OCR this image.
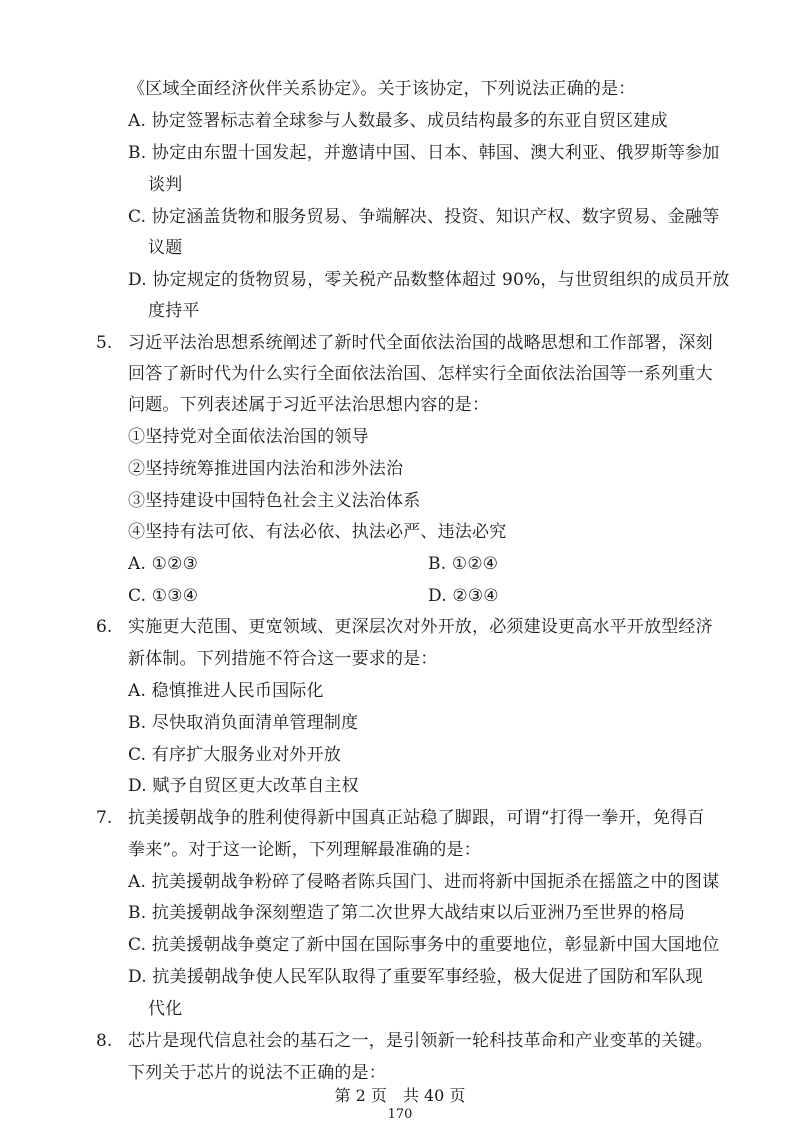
《区域全面经济伙伴关系协定》。关于该协定，下列说法正确的是：
A. 协定签署标志着全球参与人数最多、成员结构最多的东亚自贸区建成
B. 协定由东盟十国发起，并邀请中国、日本、韩国、澳大利亚、俄罗斯等参加
谈判
C. 协定涵盖货物和服务贸易、争端解决、投资、知识产权、数字贸易、金融等
议题
D. 协定规定的货物贸易，零关税产品数整体超过 90%，与世贸组织的成员开放
度持平
5. 习近平法治思想系统阐述了新时代全面依法治国的战略思想和工作部署，深刻
回答了新时代为什么实行全面依法治国、怎样实行全面依法治国等一系列重大
问题。下列表述属于习近平法治思想内容的是：
①坚持党对全面依法治国的领导
②坚持统筹推进国内法治和涉外法治
③坚持建设中国特色社会主义法治体系
④坚持有法可依、有法必依、执法必严、违法必究
A. ①②③	B. ①②④
C. ①③④	D. ②③④
6. 实施更大范围、更宽领域、更深层次对外开放，必须建设更高水平开放型经济
新体制。下列措施不符合这一要求的是：
A. 稳慎推进人民币国际化
B. 尽快取消负面清单管理制度
C. 有序扩大服务业对外开放
D. 赋予自贸区更大改革自主权
7. 抗美援朝战争的胜利使得新中国真正站稳了脚跟，可谓“打得一拳开，免得百
拳来”。对于这一论断，下列理解最准确的是：
A. 抗美援朝战争粉碎了侵略者陈兵国门、进而将新中国扼杀在摇篮之中的图谋
B. 抗美援朝战争深刻塑造了第二次世界大战结束以后亚洲乃至世界的格局
C. 抗美援朝战争奠定了新中国在国际事务中的重要地位，彰显新中国大国地位
D. 抗美援朝战争使人民军队取得了重要军事经验，极大促进了国防和军队现
代化
8. 芯片是现代信息社会的基石之一，是引领新一轮科技革命和产业变革的关键。
下列关于芯片的说法不正确的是：
第 2 页　共 40 页
170
